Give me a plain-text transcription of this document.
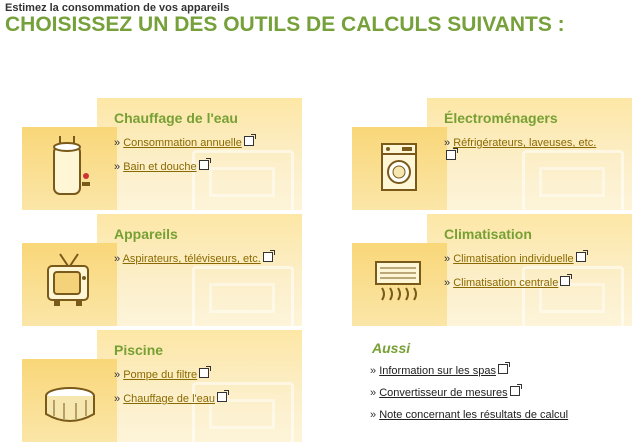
Estimez la consommation de vos appareils
CHOISISSEZ UN DES OUTILS DE CALCULS SUIVANTS :
Chauffage de l'eau
» Consommation annuelle
» Bain et douche
Électroménagers
» Réfrigérateurs, laveuses, etc.

Appareils
» Aspirateurs, téléviseurs, etc.
Climatisation
» Climatisation individuelle
» Climatisation centrale
Piscine
» Pompe du filtre
» Chauffage de l'eau
Aussi
» Information sur les spas
» Convertisseur de mesures
» Note concernant les résultats de calcul
